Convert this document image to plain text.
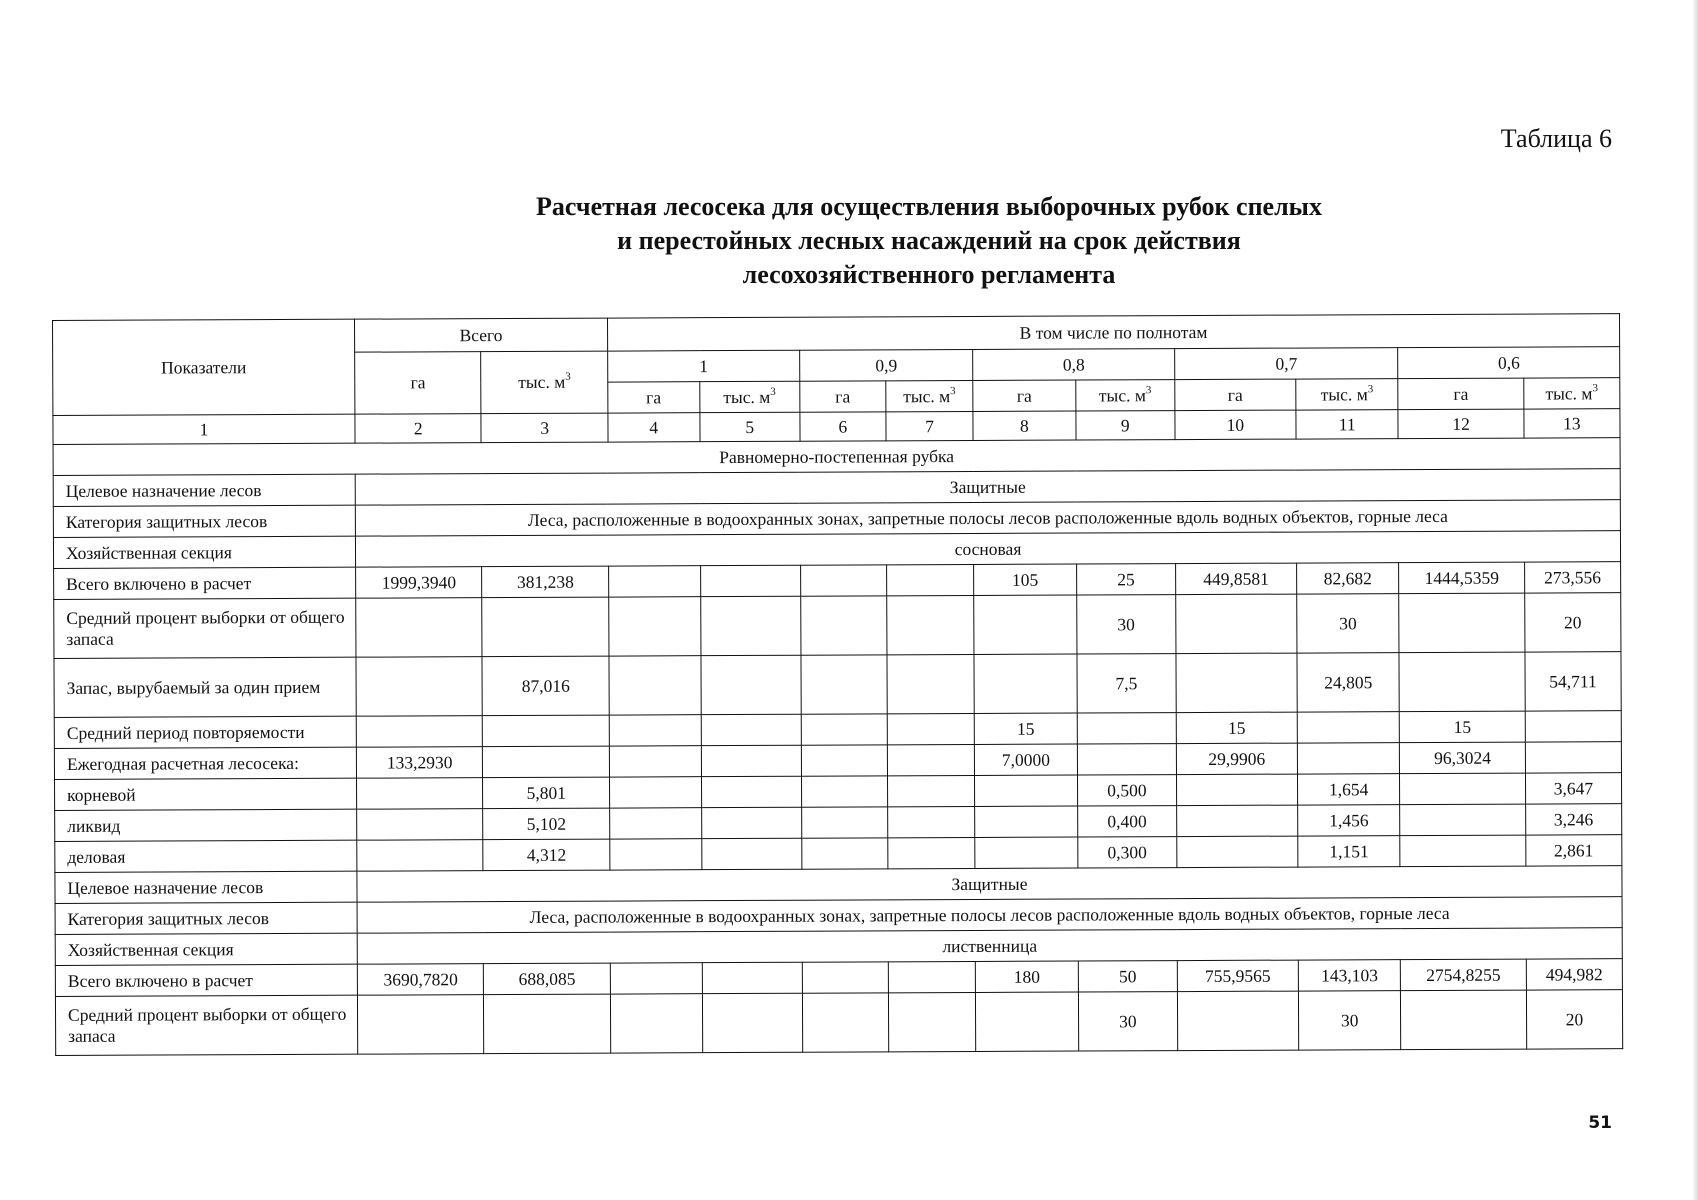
Таблица 6
Расчетная лесосека для осуществления выборочных рубок спелых
и перестойных лесных насаждений на срок действия
лесохозяйственного регламента
Показатели	Всего		В том числе по полнотам									
	га	тыс. $м^3$	1		0,9		0,8		0,7		0,6	
			га	тыс. $м^3$	га	тыс. $м^3$	га	тыс. $м^3$	га	тыс. $м^3$	га	тыс. $м^3$
1	2	3	4	5	6	7	8	9	10	11	12	13
Равномерно-постепенная рубка												
Целевое назначение лесов	Защитные											
Категория защитных лесов	Леса, расположенные в водоохранных зонах, запретные полосы лесов расположенные вдоль водных объектов, горные леса											
Хозяйственная секция	сосновая											
Всего включено в расчет	1999,3940	381,238					105	25	449,8581	82,682	1444,5359	273,556
Средний процент выборки от общего запаса								30		30		20
Запас, вырубаемый за один прием		87,016						7,5		24,805		54,711
Средний период повторяемости							15		15		15	
Ежегодная расчетная лесосека:	133,2930						7,0000		29,9906		96,3024	
корневой		5,801						0,500		1,654		3,647
ликвид		5,102						0,400		1,456		3,246
деловая		4,312						0,300		1,151		2,861
Целевое назначение лесов	Защитные											
Категория защитных лесов	Леса, расположенные в водоохранных зонах, запретные полосы лесов расположенные вдоль водных объектов, горные леса											
Хозяйственная секция	лиственница											
Всего включено в расчет	3690,7820	688,085					180	50	755,9565	143,103	2754,8255	494,982
Средний процент выборки от общего запаса								30		30		20
51
